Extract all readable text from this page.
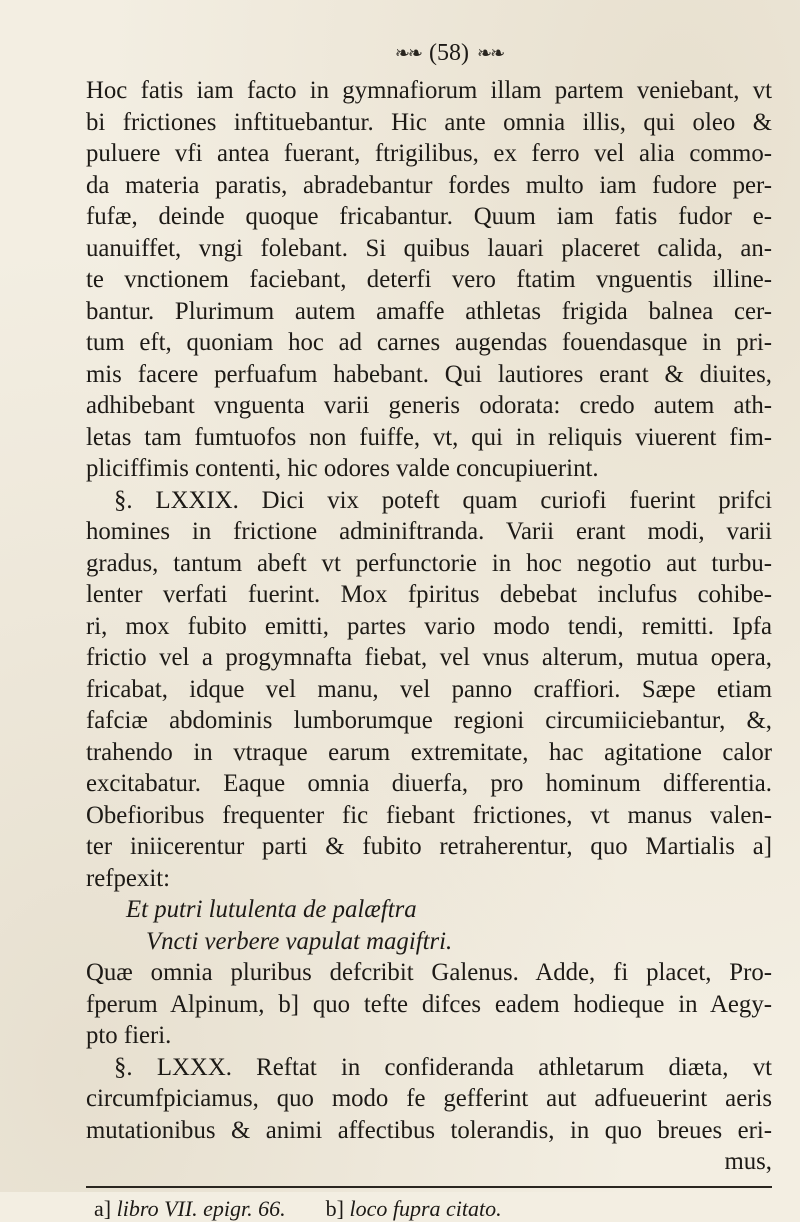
❧❧ (58) ❧❧
Hoc fatis iam facto in gymnafiorum illam partem veniebant, vt
bi frictiones inftituebantur. Hic ante omnia illis, qui oleo &
puluere vfi antea fuerant, ftrigilibus, ex ferro vel alia commo-
da materia paratis, abradebantur fordes multo iam fudore per-
fufæ, deinde quoque fricabantur. Quum iam fatis fudor e-
uanuiffet, vngi folebant. Si quibus lauari placeret calida, an-
te vnctionem faciebant, deterfi vero ftatim vnguentis illine-
bantur. Plurimum autem amaffe athletas frigida balnea cer-
tum eft, quoniam hoc ad carnes augendas fouendasque in pri-
mis facere perfuafum habebant. Qui lautiores erant & diuites,
adhibebant vnguenta varii generis odorata: credo autem ath-
letas tam fumtuofos non fuiffe, vt, qui in reliquis viuerent fim-
pliciffimis contenti, hic odores valde concupiuerint.
§. LXXIX. Dici vix poteft quam curiofi fuerint prifci
homines in frictione adminiftranda. Varii erant modi, varii
gradus, tantum abeft vt perfunctorie in hoc negotio aut turbu-
lenter verfati fuerint. Mox fpiritus debebat inclufus cohibe-
ri, mox fubito emitti, partes vario modo tendi, remitti. Ipfa
frictio vel a progymnafta fiebat, vel vnus alterum, mutua opera,
fricabat, idque vel manu, vel panno craffiori. Sæpe etiam
fafciæ abdominis lumborumque regioni circumiiciebantur, &,
trahendo in vtraque earum extremitate, hac agitatione calor
excitabatur. Eaque omnia diuerfa, pro hominum differentia.
Obefioribus frequenter fic fiebant frictiones, vt manus valen-
ter iniicerentur parti & fubito retraherentur, quo Martialis a]
refpexit:
Et putri lutulenta de palæftra
Vncti verbere vapulat magiftri.
Quæ omnia pluribus defcribit Galenus. Adde, fi placet, Pro-
fperum Alpinum, b] quo tefte difces eadem hodieque in Aegy-
pto fieri.
§. LXXX. Reftat in confideranda athletarum diæta, vt
circumfpiciamus, quo modo fe gefferint aut adfueuerint aeris
mutationibus & animi affectibus tolerandis, in quo breues eri-
mus,
a] libro VII. epigr. 66. b] loco fupra citato.
